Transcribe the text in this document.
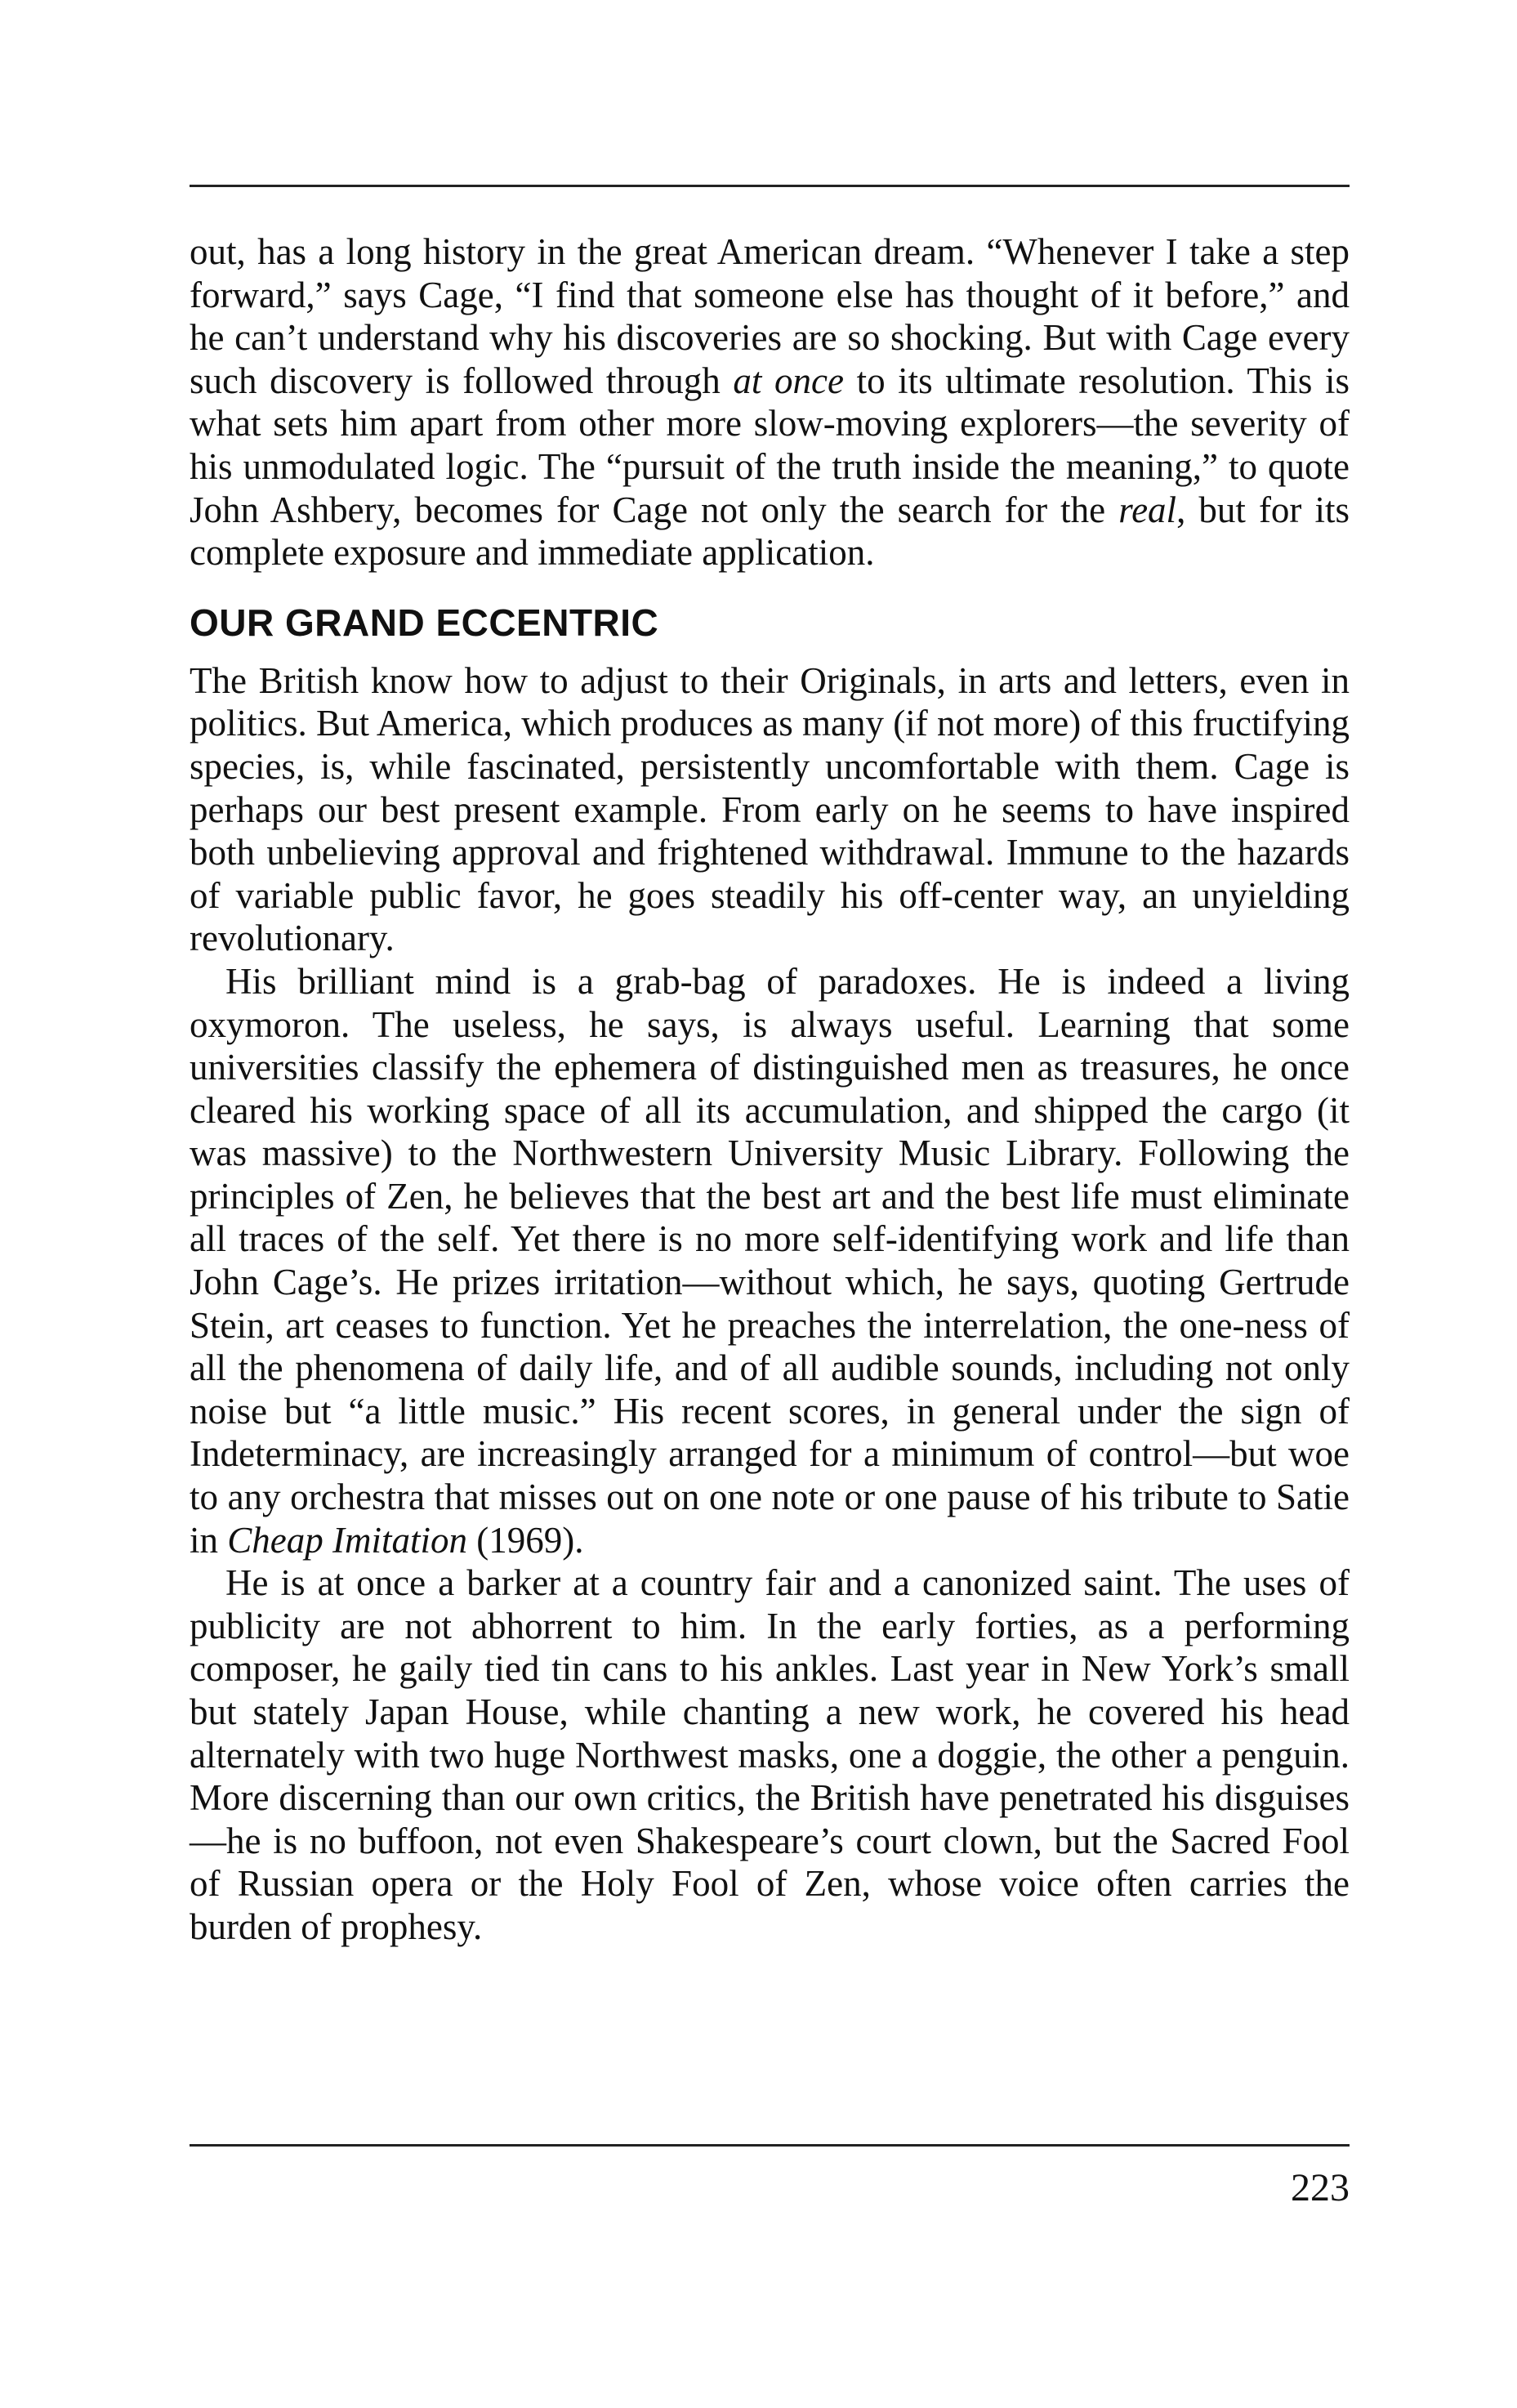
out, has a long history in the great American dream. “Whenever I take a step forward,” says Cage, “I find that someone else has thought of it before,” and he can’t understand why his discoveries are so shocking. But with Cage every such discovery is followed through at once to its ultimate resolution. This is what sets him apart from other more slow-moving explorers—the severity of his unmodulated logic. The “pursuit of the truth inside the meaning,” to quote John Ashbery, becomes for Cage not only the search for the real, but for its complete exposure and immediate application.

OUR GRAND ECCENTRIC

The British know how to adjust to their Originals, in arts and letters, even in politics. But America, which produces as many (if not more) of this fructifying species, is, while fascinated, persistently uncomfortable with them. Cage is perhaps our best present example. From early on he seems to have inspired both unbelieving approval and frightened withdrawal. Immune to the hazards of variable public favor, he goes steadily his off-center way, an unyielding revolutionary.

His brilliant mind is a grab-bag of paradoxes. He is indeed a living oxymoron. The useless, he says, is always useful. Learning that some universities classify the ephemera of distinguished men as treasures, he once cleared his working space of all its accumulation, and shipped the cargo (it was massive) to the Northwestern University Music Library. Following the principles of Zen, he believes that the best art and the best life must eliminate all traces of the self. Yet there is no more self-identifying work and life than John Cage’s. He prizes irritation—without which, he says, quoting Gertrude Stein, art ceases to function. Yet he preaches the interrelation, the one-ness of all the phenomena of daily life, and of all audible sounds, including not only noise but “a little music.” His recent scores, in general under the sign of Indeterminacy, are increasingly arranged for a minimum of control—but woe to any orchestra that misses out on one note or one pause of his tribute to Satie in Cheap Imitation (1969).

He is at once a barker at a country fair and a canonized saint. The uses of publicity are not abhorrent to him. In the early forties, as a performing composer, he gaily tied tin cans to his ankles. Last year in New York’s small but stately Japan House, while chanting a new work, he covered his head alternately with two huge Northwest masks, one a doggie, the other a penguin. More discerning than our own critics, the British have penetrated his disguises—he is no buffoon, not even Shakespeare’s court clown, but the Sacred Fool of Russian opera or the Holy Fool of Zen, whose voice often carries the burden of prophesy.

223
